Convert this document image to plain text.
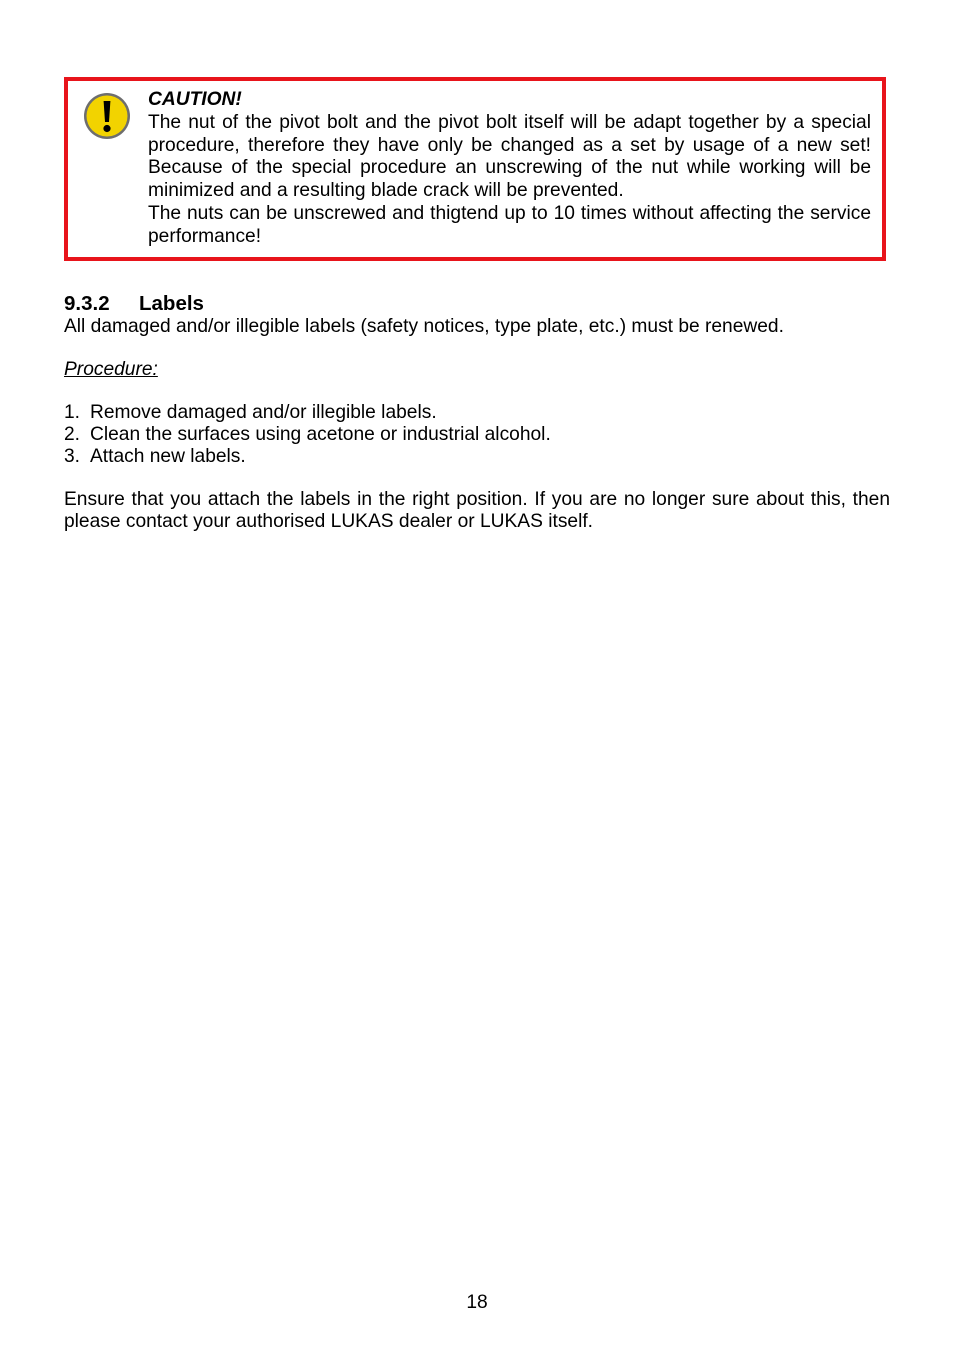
CAUTION!

The nut of the pivot bolt and the pivot bolt itself will be adapt together by a special procedure, therefore they have only be changed as a set by usage of a new set! Because of the special procedure an unscrewing of the nut while working will be minimized and a resulting blade crack will be prevented.

The nuts can be unscrewed and thigtend up to 10 times without affecting the service performance!

9.3.2 Labels

All damaged and/or illegible labels (safety notices, type plate, etc.) must be renewed.

Procedure:

1. Remove damaged and/or illegible labels.
2. Clean the surfaces using acetone or industrial alcohol.
3. Attach new labels.

Ensure that you attach the labels in the right position. If you are no longer sure about this, then please contact your authorised LUKAS dealer or LUKAS itself.

18
